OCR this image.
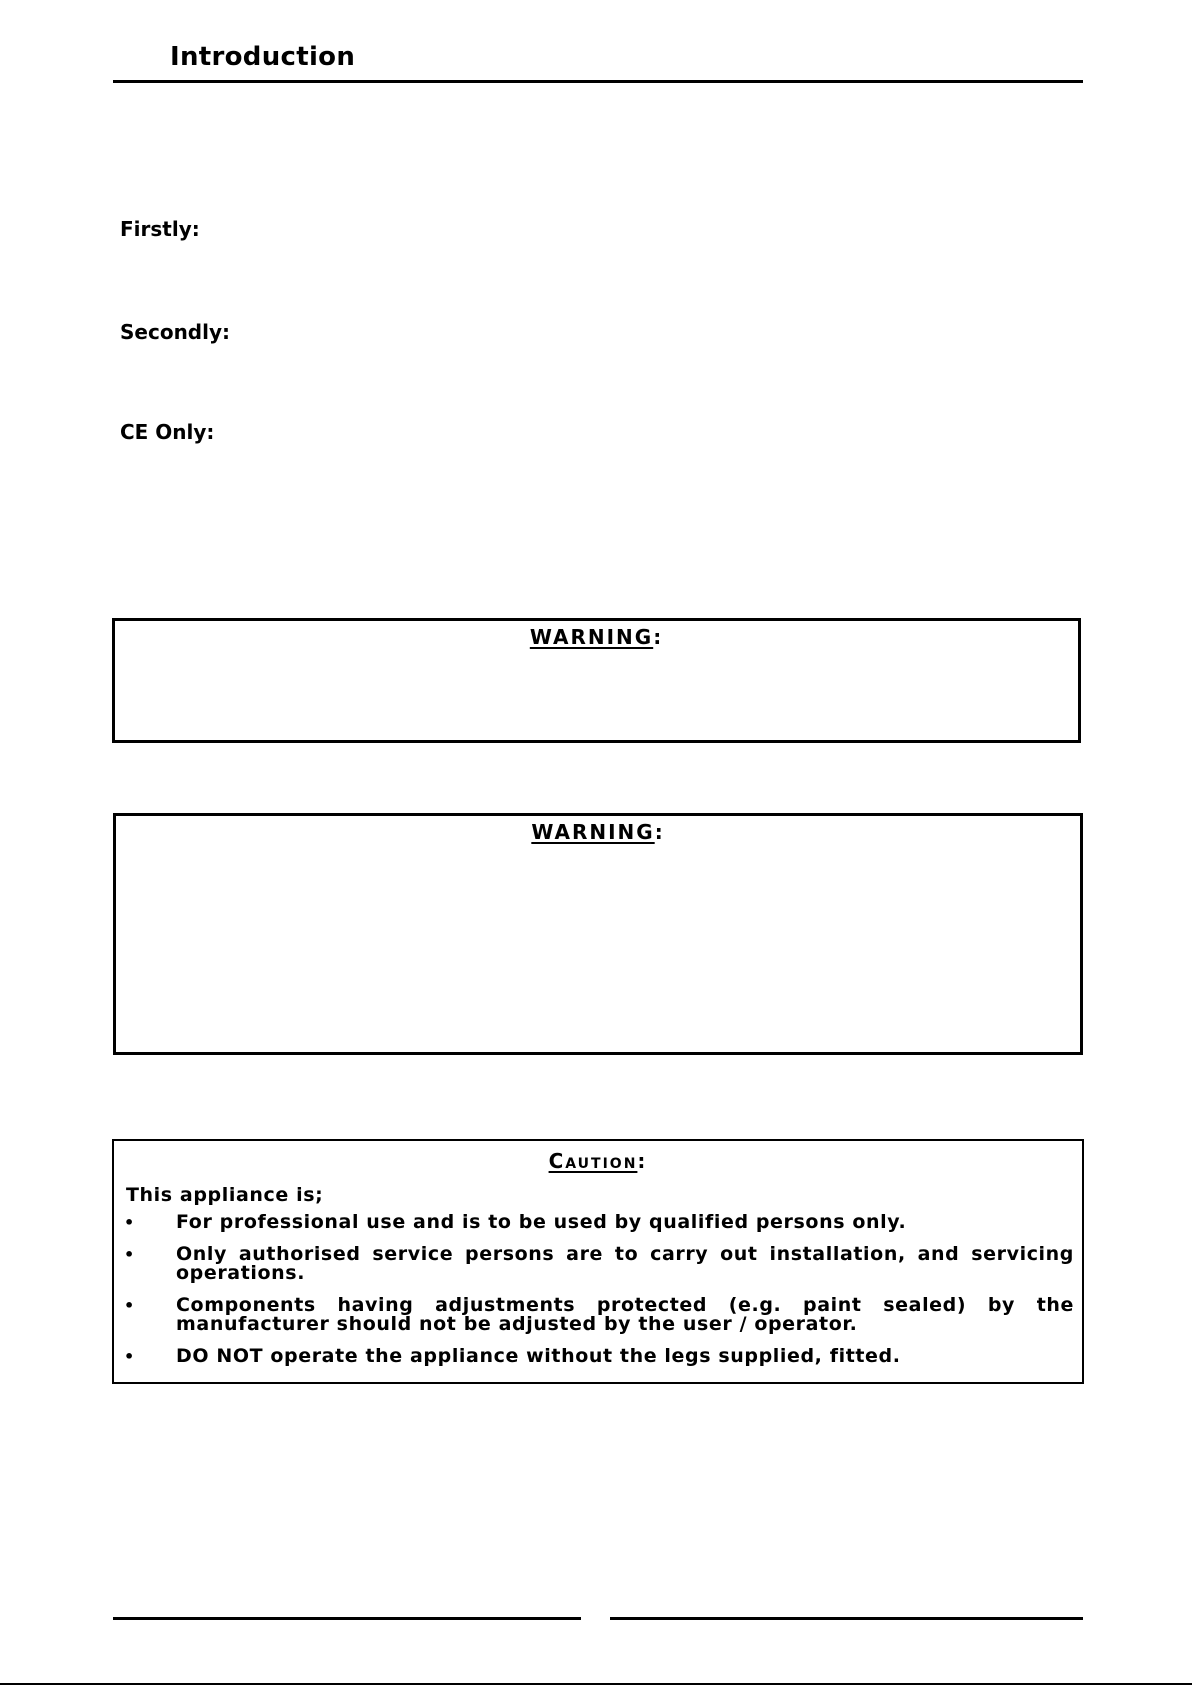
Introduction
Firstly:
Secondly:
CE Only:
WARNING:
WARNING:
Caution:
This appliance is;
• For professional use and is to be used by qualified persons only.
• Only authorised service persons are to carry out installation, and servicing operations.
• Components having adjustments protected (e.g. paint sealed) by the manufacturer should not be adjusted by the user / operator.
• DO NOT operate the appliance without the legs supplied, fitted.
